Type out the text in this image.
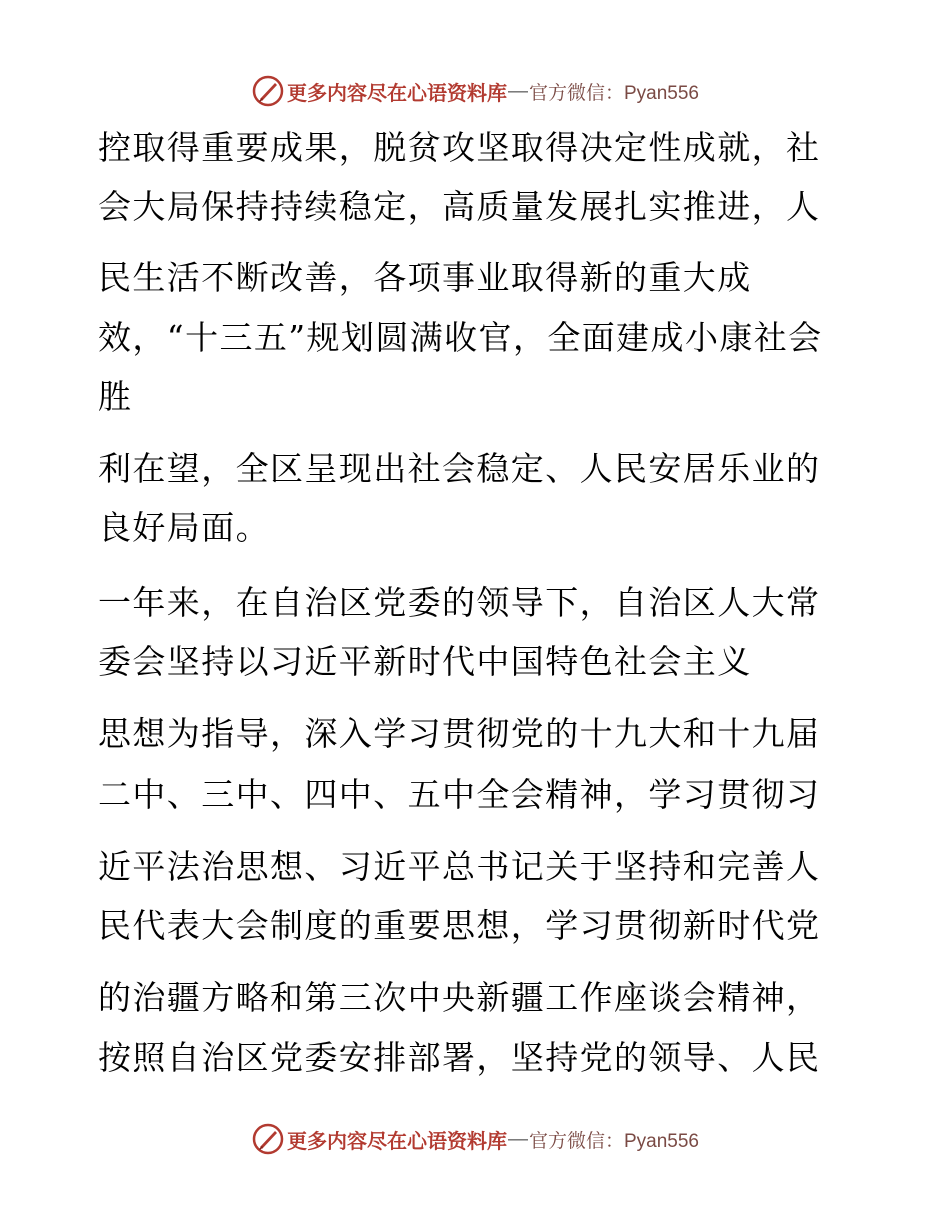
更多内容尽在心语资料库 — 官方微信：Pyan556
控取得重要成果，脱贫攻坚取得决定性成就，社
会大局保持持续稳定，高质量发展扎实推进，人
民生活不断改善，各项事业取得新的重大成
效，“十三五”规划圆满收官，全面建成小康社会
胜
利在望，全区呈现出社会稳定、人民安居乐业的
良好局面。
一年来，在自治区党委的领导下，自治区人大常
委会坚持以习近平新时代中国特色社会主义
思想为指导，深入学习贯彻党的十九大和十九届
二中、三中、四中、五中全会精神，学习贯彻习
近平法治思想、习近平总书记关于坚持和完善人
民代表大会制度的重要思想，学习贯彻新时代党
的治疆方略和第三次中央新疆工作座谈会精神，
按照自治区党委安排部署，坚持党的领导、人民
更多内容尽在心语资料库 — 官方微信：Pyan556
